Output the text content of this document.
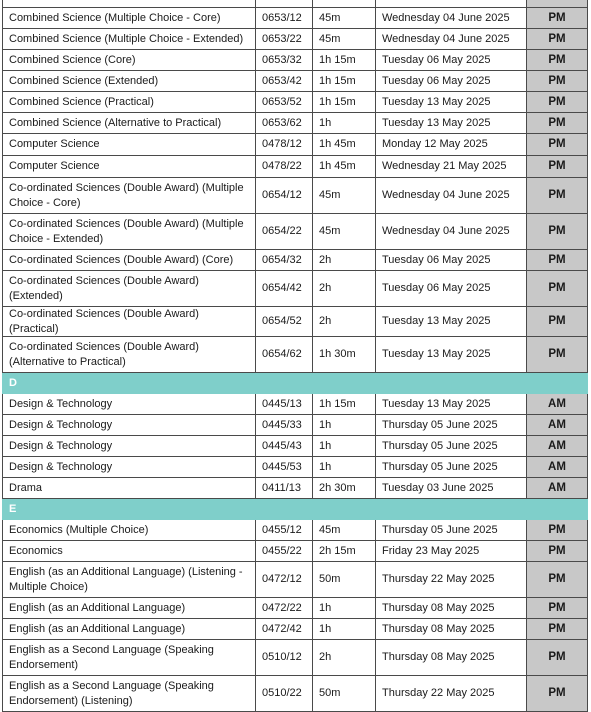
Combined Science (Multiple Choice - Core)	0653/12	45m	Wednesday 04 June 2025	PM
Combined Science (Multiple Choice - Extended)	0653/22	45m	Wednesday 04 June 2025	PM
Combined Science (Core)	0653/32	1h 15m	Tuesday 06 May 2025	PM
Combined Science (Extended)	0653/42	1h 15m	Tuesday 06 May 2025	PM
Combined Science (Practical)	0653/52	1h 15m	Tuesday 13 May 2025	PM
Combined Science (Alternative to Practical)	0653/62	1h	Tuesday 13 May 2025	PM
Computer Science	0478/12	1h 45m	Monday 12 May 2025	PM
Computer Science	0478/22	1h 45m	Wednesday 21 May 2025	PM
Co-ordinated Sciences (Double Award) (Multiple Choice - Core)	0654/12	45m	Wednesday 04 June 2025	PM
Co-ordinated Sciences (Double Award) (Multiple Choice - Extended)	0654/22	45m	Wednesday 04 June 2025	PM
Co-ordinated Sciences (Double Award) (Core)	0654/32	2h	Tuesday 06 May 2025	PM
Co-ordinated Sciences (Double Award) (Extended)	0654/42	2h	Tuesday 06 May 2025	PM
Co-ordinated Sciences (Double Award) (Practical)	0654/52	2h	Tuesday 13 May 2025	PM
Co-ordinated Sciences (Double Award) (Alternative to Practical)	0654/62	1h 30m	Tuesday 13 May 2025	PM
D				
Design & Technology	0445/13	1h 15m	Tuesday 13 May 2025	AM
Design & Technology	0445/33	1h	Thursday 05 June 2025	AM
Design & Technology	0445/43	1h	Thursday 05 June 2025	AM
Design & Technology	0445/53	1h	Thursday 05 June 2025	AM
Drama	0411/13	2h 30m	Tuesday 03 June 2025	AM
E				
Economics (Multiple Choice)	0455/12	45m	Thursday 05 June 2025	PM
Economics	0455/22	2h 15m	Friday 23 May 2025	PM
English (as an Additional Language) (Listening - Multiple Choice)	0472/12	50m	Thursday 22 May 2025	PM
English (as an Additional Language)	0472/22	1h	Thursday 08 May 2025	PM
English (as an Additional Language)	0472/42	1h	Thursday 08 May 2025	PM
English as a Second Language (Speaking Endorsement)	0510/12	2h	Thursday 08 May 2025	PM
English as a Second Language (Speaking Endorsement) (Listening)	0510/22	50m	Thursday 22 May 2025	PM
